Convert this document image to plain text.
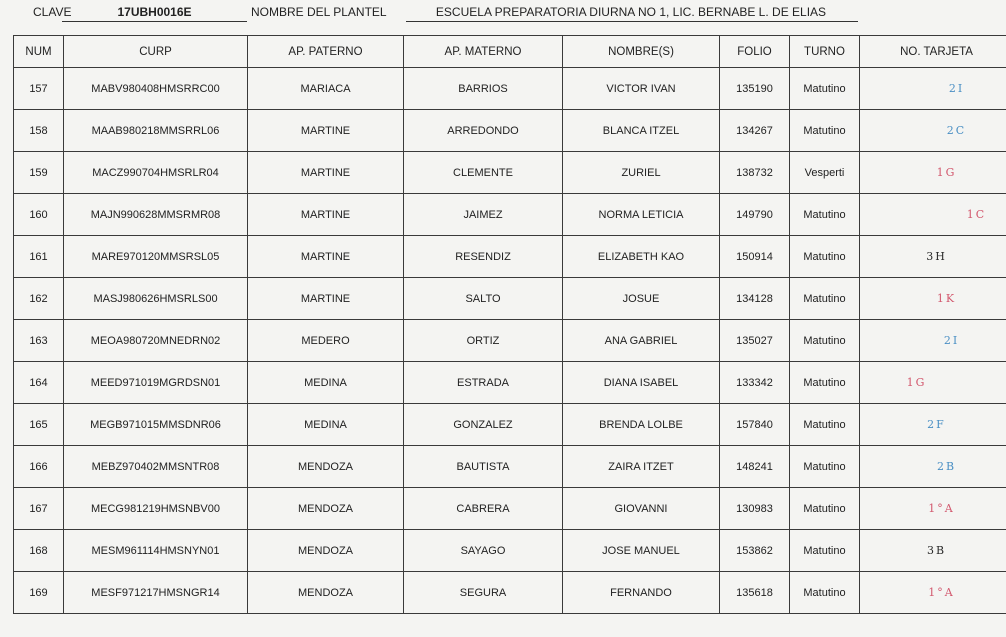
CLAVE	17UBH0016E	NOMBRE DEL PLANTEL	ESCUELA PREPARATORIA DIURNA NO 1, LIC. BERNABE L. DE ELIAS
NUM	CURP	AP. PATERNO	AP. MATERNO	NOMBRE(S)	FOLIO	TURNO	NO. TARJETA
157	MABV980408HMSRRC00	MARIACA	BARRIOS	VICTOR IVAN	135190	Matutino	2I
158	MAAB980218MMSRRL06	MARTINE	ARREDONDO	BLANCA ITZEL	134267	Matutino	2C
159	MACZ990704HMSRLR04	MARTINE	CLEMENTE	ZURIEL	138732	Vesperti	1G
160	MAJN990628MMSRMR08	MARTINE	JAIMEZ	NORMA LETICIA	149790	Matutino	1C
161	MARE970120MMSRSL05	MARTINE	RESENDIZ	ELIZABETH KAO	150914	Matutino	3H
162	MASJ980626HMSRLS00	MARTINE	SALTO	JOSUE	134128	Matutino	1K
163	MEOA980720MNEDRN02	MEDERO	ORTIZ	ANA GABRIEL	135027	Matutino	2I
164	MEED971019MGRDSN01	MEDINA	ESTRADA	DIANA ISABEL	133342	Matutino	1G
165	MEGB971015MMSDNR06	MEDINA	GONZALEZ	BRENDA LOLBE	157840	Matutino	2F
166	MEBZ970402MMSNTR08	MENDOZA	BAUTISTA	ZAIRA ITZET	148241	Matutino	2B
167	MECG981219HMSNBV00	MENDOZA	CABRERA	GIOVANNI	130983	Matutino	1°A
168	MESM961114HMSNYN01	MENDOZA	SAYAGO	JOSE MANUEL	153862	Matutino	3B
169	MESF971217HMSNGR14	MENDOZA	SEGURA	FERNANDO	135618	Matutino	1°A
